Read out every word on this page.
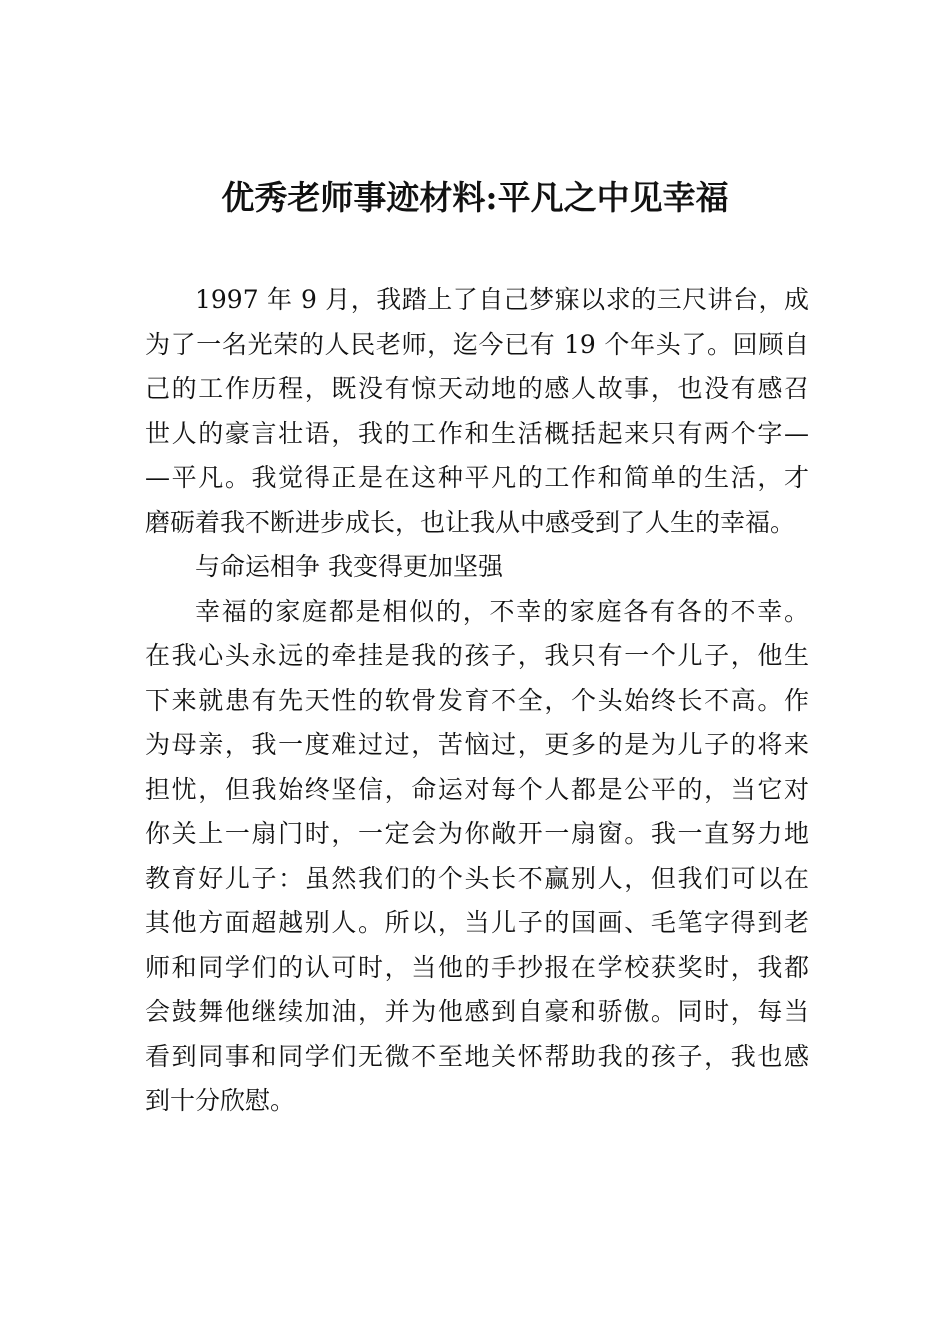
优秀老师事迹材料:平凡之中见幸福
1997 年 9 月，我踏上了自己梦寐以求的三尺讲台，成
为了一名光荣的人民老师，迄今已有 19 个年头了。回顾自
己的工作历程，既没有惊天动地的感人故事，也没有感召
世人的豪言壮语，我的工作和生活概括起来只有两个字—
—平凡。我觉得正是在这种平凡的工作和简单的生活，才
磨砺着我不断进步成长，也让我从中感受到了人生的幸福。
与命运相争 我变得更加坚强
幸福的家庭都是相似的，不幸的家庭各有各的不幸。
在我心头永远的牵挂是我的孩子，我只有一个儿子，他生
下来就患有先天性的软骨发育不全，个头始终长不高。作
为母亲，我一度难过过，苦恼过，更多的是为儿子的将来
担忧，但我始终坚信，命运对每个人都是公平的，当它对
你关上一扇门时，一定会为你敞开一扇窗。我一直努力地
教育好儿子：虽然我们的个头长不赢别人，但我们可以在
其他方面超越别人。所以，当儿子的国画、毛笔字得到老
师和同学们的认可时，当他的手抄报在学校获奖时，我都
会鼓舞他继续加油，并为他感到自豪和骄傲。同时，每当
看到同事和同学们无微不至地关怀帮助我的孩子，我也感
到十分欣慰。
